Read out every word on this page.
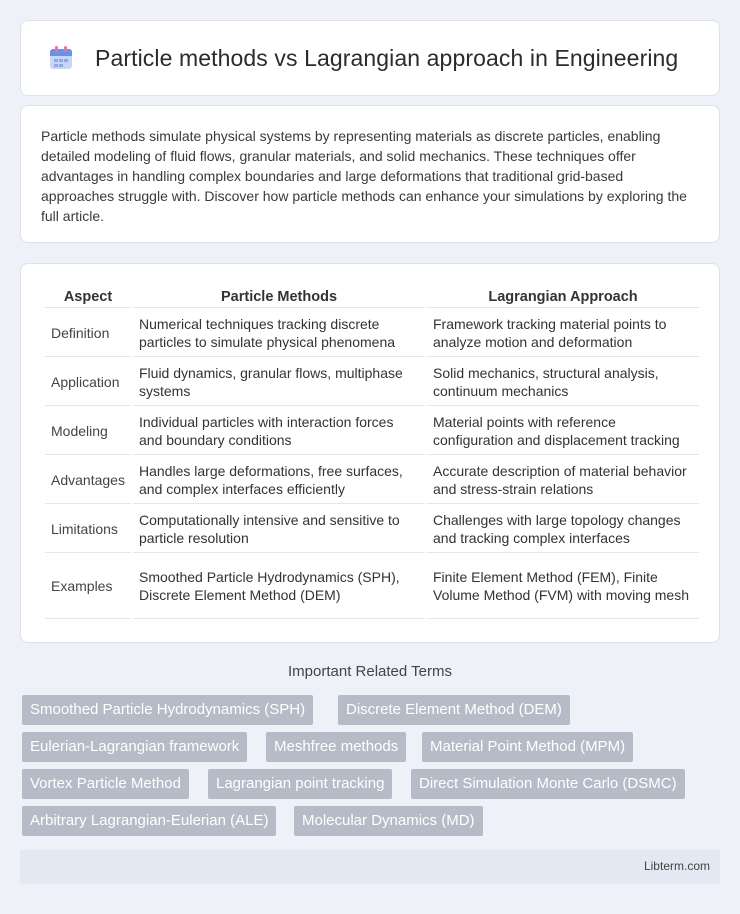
Particle methods vs Lagrangian approach in Engineering

Particle methods simulate physical systems by representing materials as discrete particles, enabling detailed modeling of fluid flows, granular materials, and solid mechanics. These techniques offer advantages in handling complex boundaries and large deformations that traditional grid-based approaches struggle with. Discover how particle methods can enhance your simulations by exploring the full article.

Aspect	Particle Methods	Lagrangian Approach
Definition	Numerical techniques tracking discrete particles to simulate physical phenomena	Framework tracking material points to analyze motion and deformation
Application	Fluid dynamics, granular flows, multiphase systems	Solid mechanics, structural analysis, continuum mechanics
Modeling	Individual particles with interaction forces and boundary conditions	Material points with reference configuration and displacement tracking
Advantages	Handles large deformations, free surfaces, and complex interfaces efficiently	Accurate description of material behavior and stress-strain relations
Limitations	Computationally intensive and sensitive to particle resolution	Challenges with large topology changes and tracking complex interfaces
Examples	Smoothed Particle Hydrodynamics (SPH), Discrete Element Method (DEM)	Finite Element Method (FEM), Finite Volume Method (FVM) with moving mesh
Important Related Terms
Smoothed Particle Hydrodynamics (SPH)	Discrete Element Method (DEM)
Eulerian-Lagrangian framework	Meshfree methods	Material Point Method (MPM)
Vortex Particle Method	Lagrangian point tracking	Direct Simulation Monte Carlo (DSMC)
Arbitrary Lagrangian-Eulerian (ALE)	Molecular Dynamics (MD)
Libterm.com
